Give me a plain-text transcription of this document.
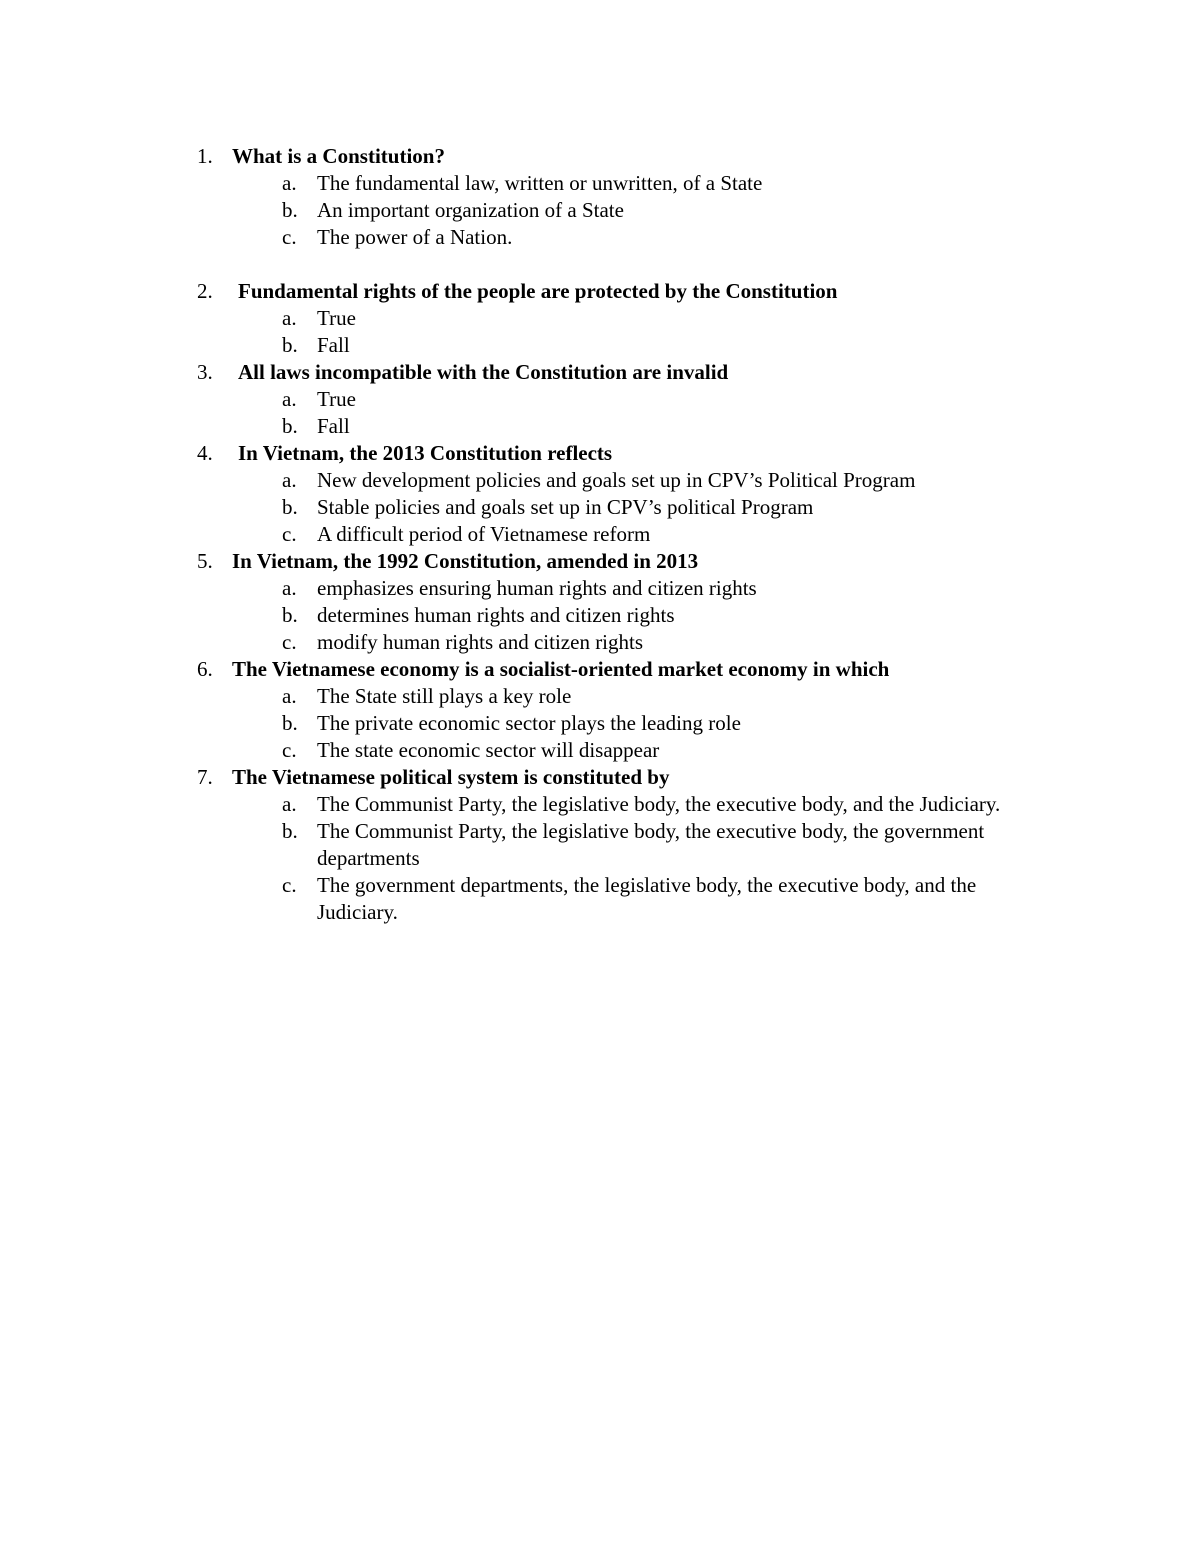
1. What is a Constitution?
a. The fundamental law, written or unwritten, of a State
b. An important organization of a State
c. The power of a Nation.
2. Fundamental rights of the people are protected by the Constitution
a. True
b. Fall
3. All laws incompatible with the Constitution are invalid
a. True
b. Fall
4. In Vietnam, the 2013 Constitution reflects
a. New development policies and goals set up in CPV’s Political Program
b. Stable policies and goals set up in CPV’s political Program
c. A difficult period of Vietnamese reform
5. In Vietnam, the 1992 Constitution, amended in 2013
a. emphasizes ensuring human rights and citizen rights
b. determines human rights and citizen rights
c. modify human rights and citizen rights
6. The Vietnamese economy is a socialist-oriented market economy in which
a. The State still plays a key role
b. The private economic sector plays the leading role
c. The state economic sector will disappear
7. The Vietnamese political system is constituted by
a. The Communist Party, the legislative body, the executive body, and the Judiciary.
b. The Communist Party, the legislative body, the executive body, the government departments
c. The government departments, the legislative body, the executive body, and the Judiciary.
